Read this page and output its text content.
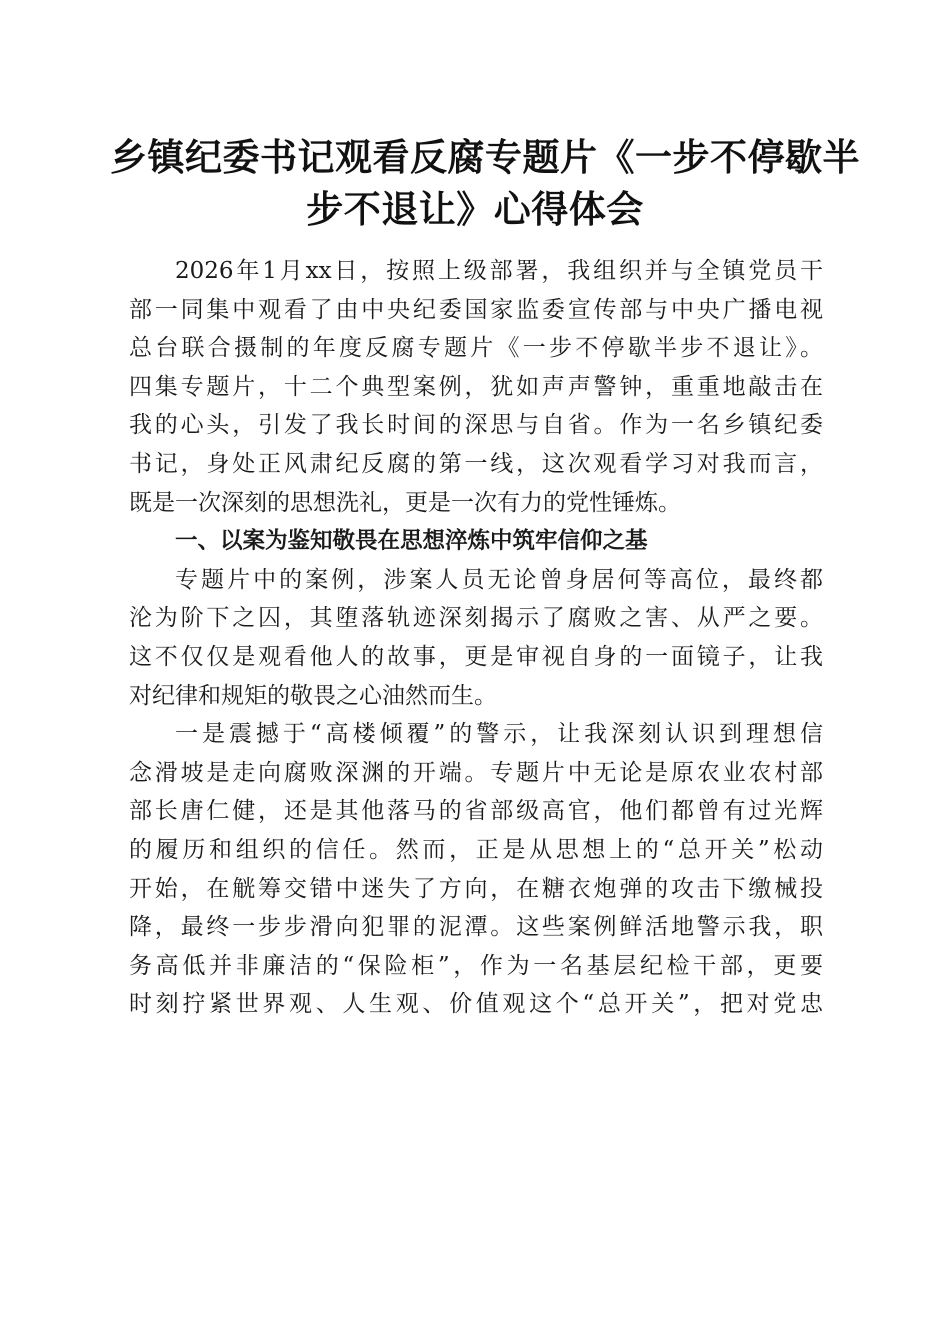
乡镇纪委书记观看反腐专题片《一步不停歇半
步不退让》心得体会
2026年1月xx日，按照上级部署，我组织并与全镇党员干
部一同集中观看了由中央纪委国家监委宣传部与中央广播电视
总台联合摄制的年度反腐专题片《一步不停歇半步不退让》。
四集专题片，十二个典型案例，犹如声声警钟，重重地敲击在
我的心头，引发了我长时间的深思与自省。作为一名乡镇纪委
书记，身处正风肃纪反腐的第一线，这次观看学习对我而言，
既是一次深刻的思想洗礼，更是一次有力的党性锤炼。
一、以案为鉴知敬畏在思想淬炼中筑牢信仰之基
专题片中的案例，涉案人员无论曾身居何等高位，最终都
沦为阶下之囚，其堕落轨迹深刻揭示了腐败之害、从严之要。
这不仅仅是观看他人的故事，更是审视自身的一面镜子，让我
对纪律和规矩的敬畏之心油然而生。
一是震撼于“高楼倾覆”的警示，让我深刻认识到理想信
念滑坡是走向腐败深渊的开端。专题片中无论是原农业农村部
部长唐仁健，还是其他落马的省部级高官，他们都曾有过光辉
的履历和组织的信任。然而，正是从思想上的“总开关”松动
开始，在觥筹交错中迷失了方向，在糖衣炮弹的攻击下缴械投
降，最终一步步滑向犯罪的泥潭。这些案例鲜活地警示我，职
务高低并非廉洁的“保险柜”，作为一名基层纪检干部，更要
时刻拧紧世界观、人生观、价值观这个“总开关”，把对党忠
